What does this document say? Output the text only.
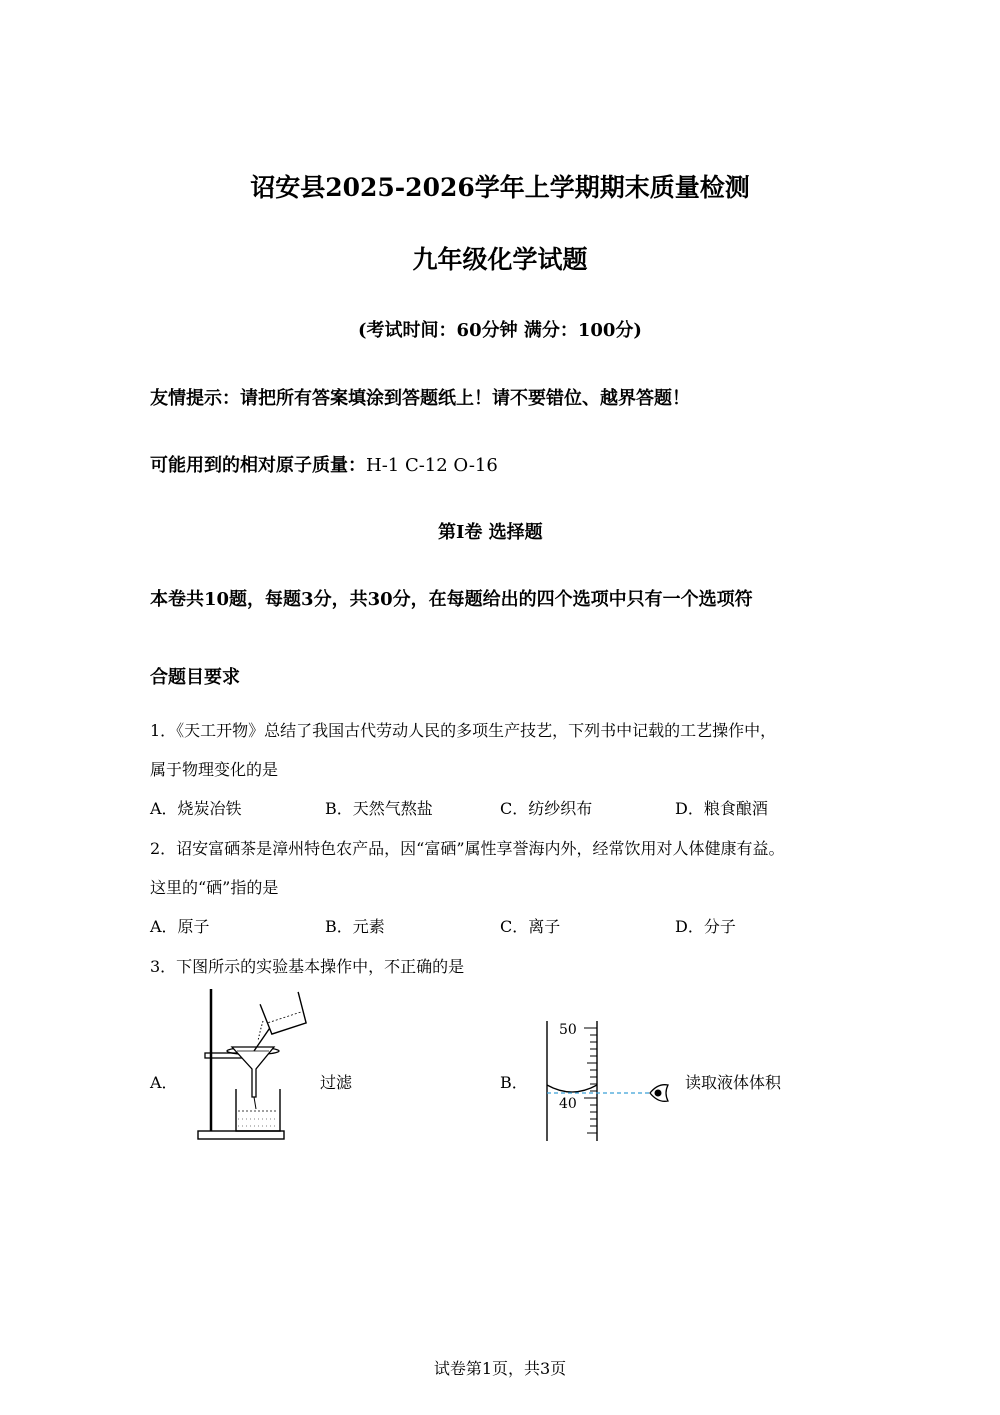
诏安县2025-2026学年上学期期末质量检测
九年级化学试题
(考试时间：60分钟 满分：100分)
友情提示：请把所有答案填涂到答题纸上！请不要错位、越界答题！
可能用到的相对原子质量：H-1 C-12 O-16
第I卷 选择题
本卷共10题，每题3分，共30分，在每题给出的四个选项中只有一个选项符
合题目要求
1．《天工开物》总结了我国古代劳动人民的多项生产技艺，下列书中记载的工艺操作中，
属于物理变化的是
A．烧炭冶铁	B．天然气熬盐	C．纺纱织布	D．粮食酿酒
2．诏安富硒茶是漳州特色农产品，因“富硒”属性享誉海内外，经常饮用对人体健康有益。
这里的“硒”指的是
A．原子	B．元素	C．离子	D．分子
3．下图所示的实验基本操作中，不正确的是
A．	过滤	B．
50
40
读取液体体积
试卷第1页，共3页
